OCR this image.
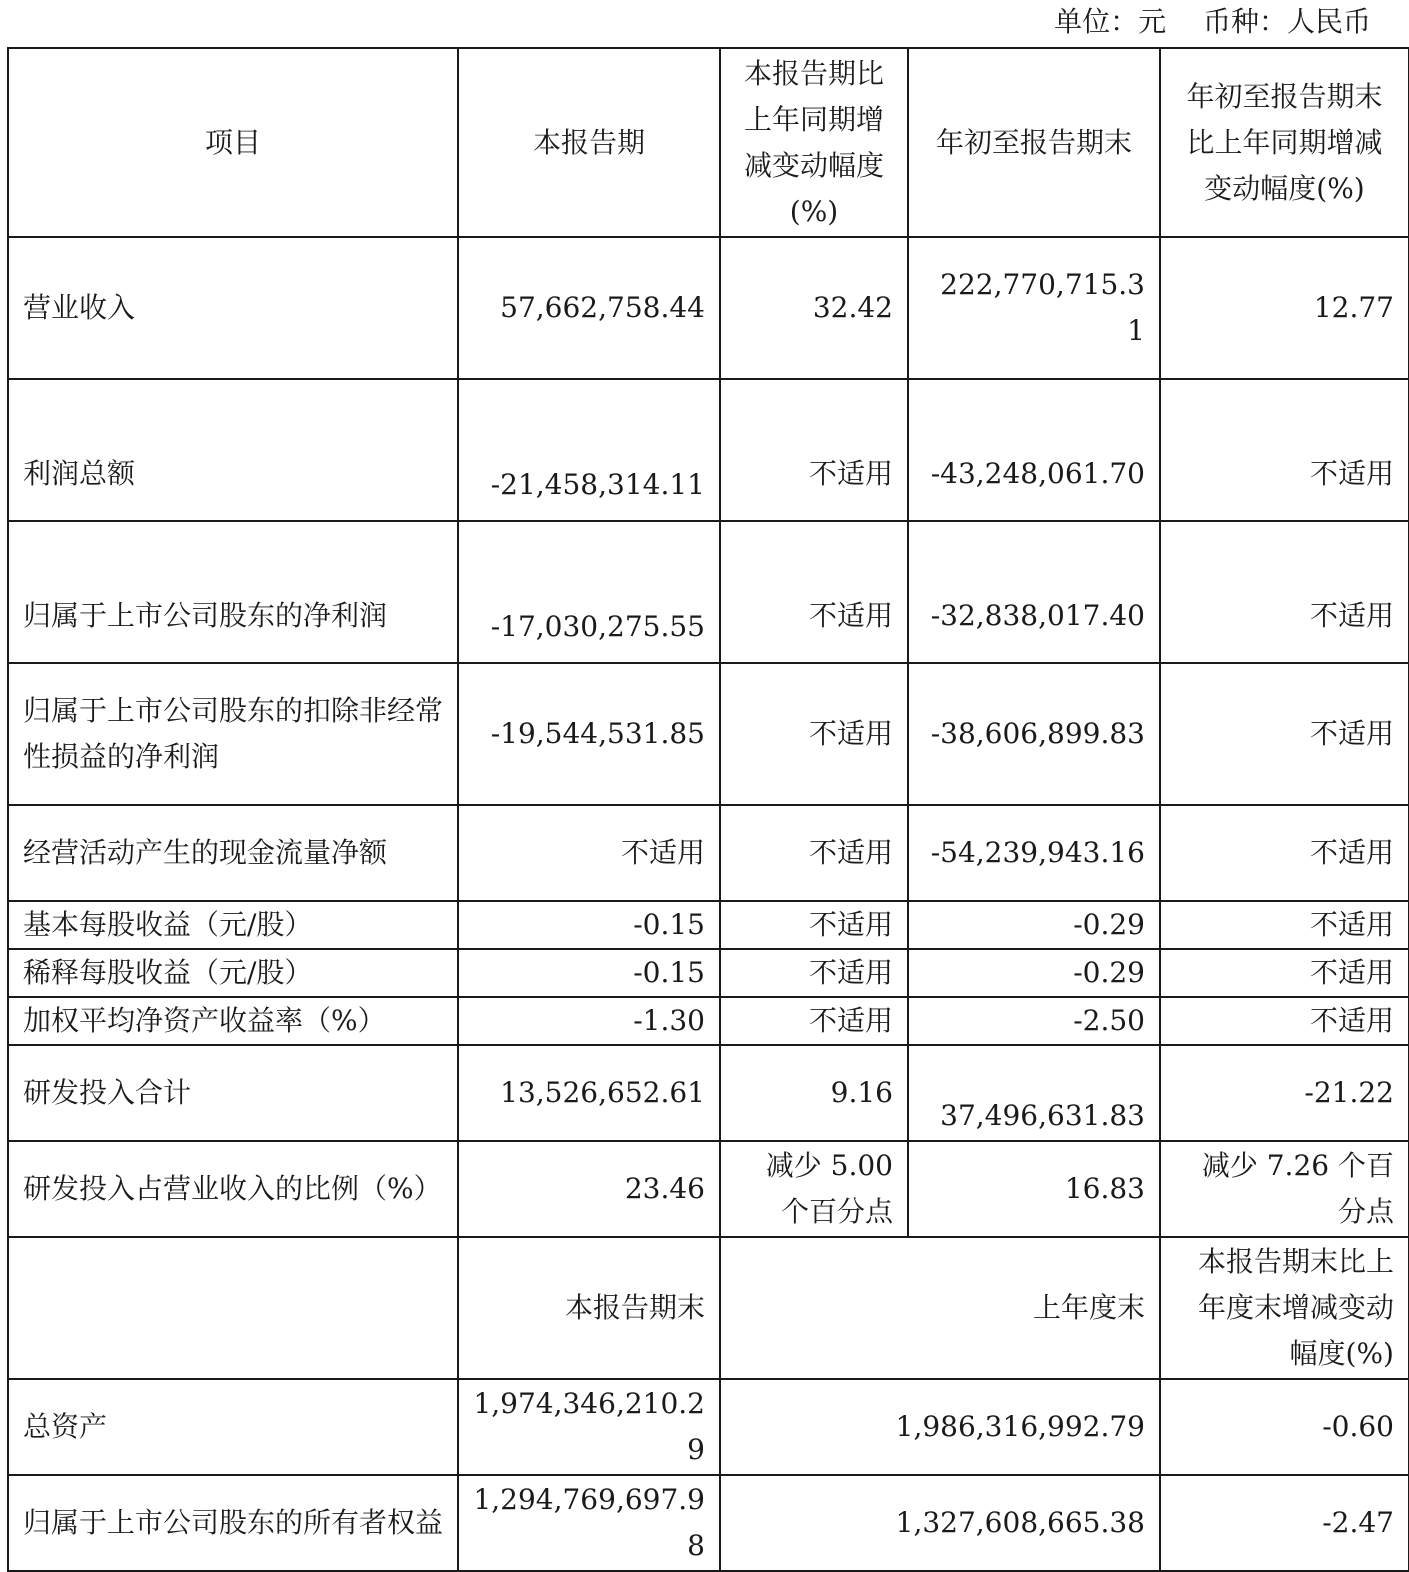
单位：元　 币种：人民币
项目	本报告期	本报告期比上年同期增减变动幅度(%)	年初至报告期末	年初至报告期末比上年同期增减变动幅度(%)
营业收入	57,662,758.44	32.42	222,770,715.31	12.77
利润总额	-21,458,314.11	不适用	-43,248,061.70	不适用
归属于上市公司股东的净利润	-17,030,275.55	不适用	-32,838,017.40	不适用
归属于上市公司股东的扣除非经常性损益的净利润	-19,544,531.85	不适用	-38,606,899.83	不适用
经营活动产生的现金流量净额	不适用	不适用	-54,239,943.16	不适用
基本每股收益（元/股）	-0.15	不适用	-0.29	不适用
稀释每股收益（元/股）	-0.15	不适用	-0.29	不适用
加权平均净资产收益率（%）	-1.30	不适用	-2.50	不适用
研发投入合计	13,526,652.61	9.16	37,496,631.83	-21.22
研发投入占营业收入的比例（%）	23.46	减少 5.00 个百分点	16.83	减少 7.26 个百分点
	本报告期末	上年度末		本报告期末比上年度末增减变动幅度(%)
总资产	1,974,346,210.29	1,986,316,992.79		-0.60
归属于上市公司股东的所有者权益	1,294,769,697.98	1,327,608,665.38		-2.47
